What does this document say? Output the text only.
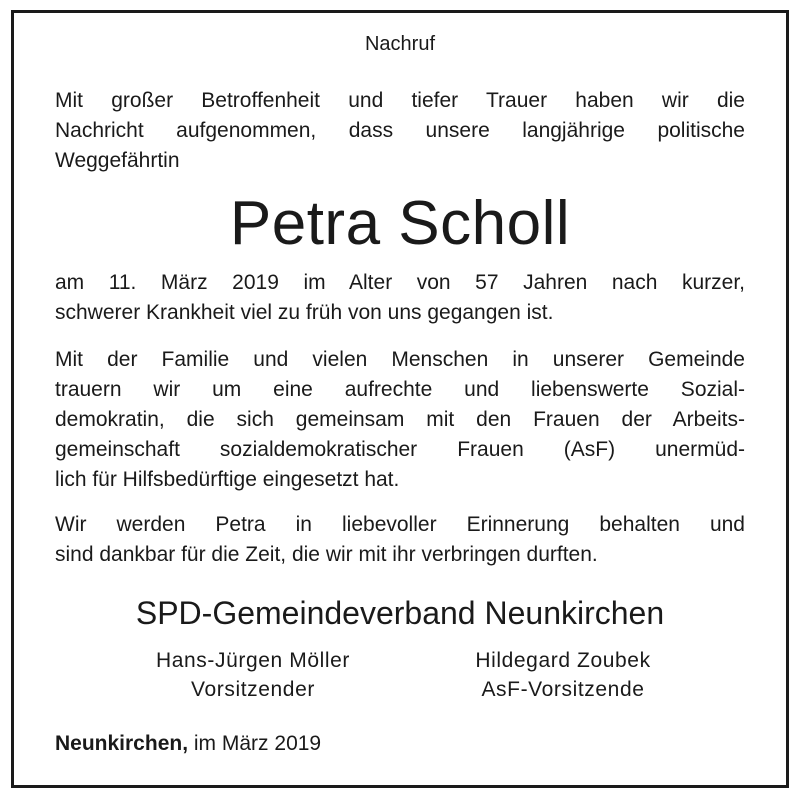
Nachruf
Mit großer Betroffenheit und tiefer Trauer haben wir die
Nachricht aufgenommen, dass unsere langjährige politische
Weggefährtin
Petra Scholl
am 11. März 2019 im Alter von 57 Jahren nach kurzer,
schwerer Krankheit viel zu früh von uns gegangen ist.
Mit der Familie und vielen Menschen in unserer Gemeinde
trauern wir um eine aufrechte und liebenswerte Sozial-
demokratin, die sich gemeinsam mit den Frauen der Arbeits-
gemeinschaft sozialdemokratischer Frauen (AsF) unermüd-
lich für Hilfsbedürftige eingesetzt hat.
Wir werden Petra in liebevoller Erinnerung behalten und
sind dankbar für die Zeit, die wir mit ihr verbringen durften.
SPD-Gemeindeverband Neunkirchen
Hans-Jürgen Möller
Vorsitzender
Hildegard Zoubek
AsF-Vorsitzende
Neunkirchen, im März 2019
